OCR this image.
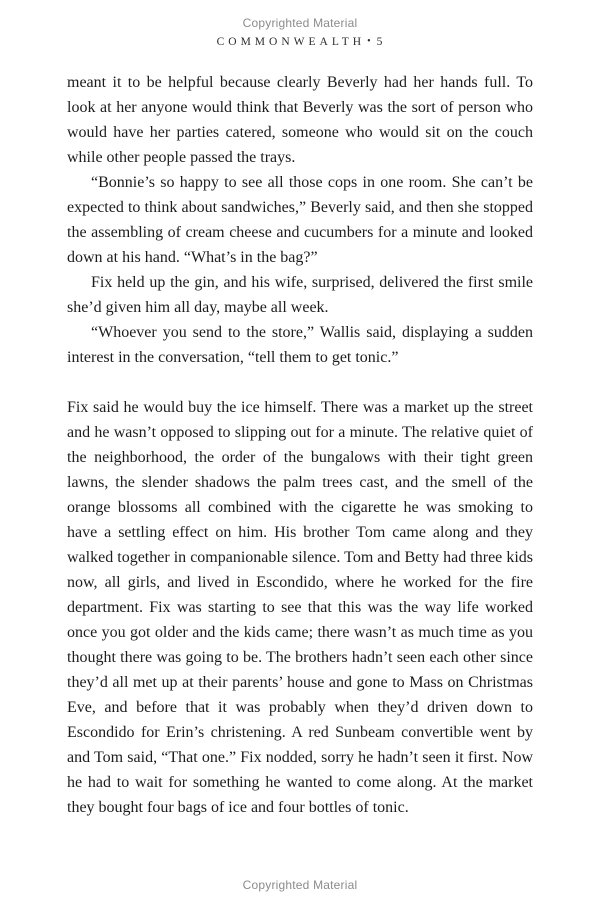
Copyrighted Material
COMMONWEALTH • 5

meant it to be helpful because clearly Beverly had her hands full. To look at her anyone would think that Beverly was the sort of person who would have her parties catered, someone who would sit on the couch while other people passed the trays.

“Bonnie’s so happy to see all those cops in one room. She can’t be expected to think about sandwiches,” Beverly said, and then she stopped the assembling of cream cheese and cucumbers for a minute and looked down at his hand. “What’s in the bag?”

Fix held up the gin, and his wife, surprised, delivered the first smile she’d given him all day, maybe all week.

“Whoever you send to the store,” Wallis said, displaying a sudden interest in the conversation, “tell them to get tonic.”

Fix said he would buy the ice himself. There was a market up the street and he wasn’t opposed to slipping out for a minute. The relative quiet of the neighborhood, the order of the bungalows with their tight green lawns, the slender shadows the palm trees cast, and the smell of the orange blossoms all combined with the cigarette he was smoking to have a settling effect on him. His brother Tom came along and they walked together in companionable silence. Tom and Betty had three kids now, all girls, and lived in Escondido, where he worked for the fire department. Fix was starting to see that this was the way life worked once you got older and the kids came; there wasn’t as much time as you thought there was going to be. The brothers hadn’t seen each other since they’d all met up at their parents’ house and gone to Mass on Christmas Eve, and before that it was probably when they’d driven down to Escondido for Erin’s christening. A red Sunbeam convertible went by and Tom said, “That one.” Fix nodded, sorry he hadn’t seen it first. Now he had to wait for something he wanted to come along. At the market they bought four bags of ice and four bottles of tonic.

Copyrighted Material
